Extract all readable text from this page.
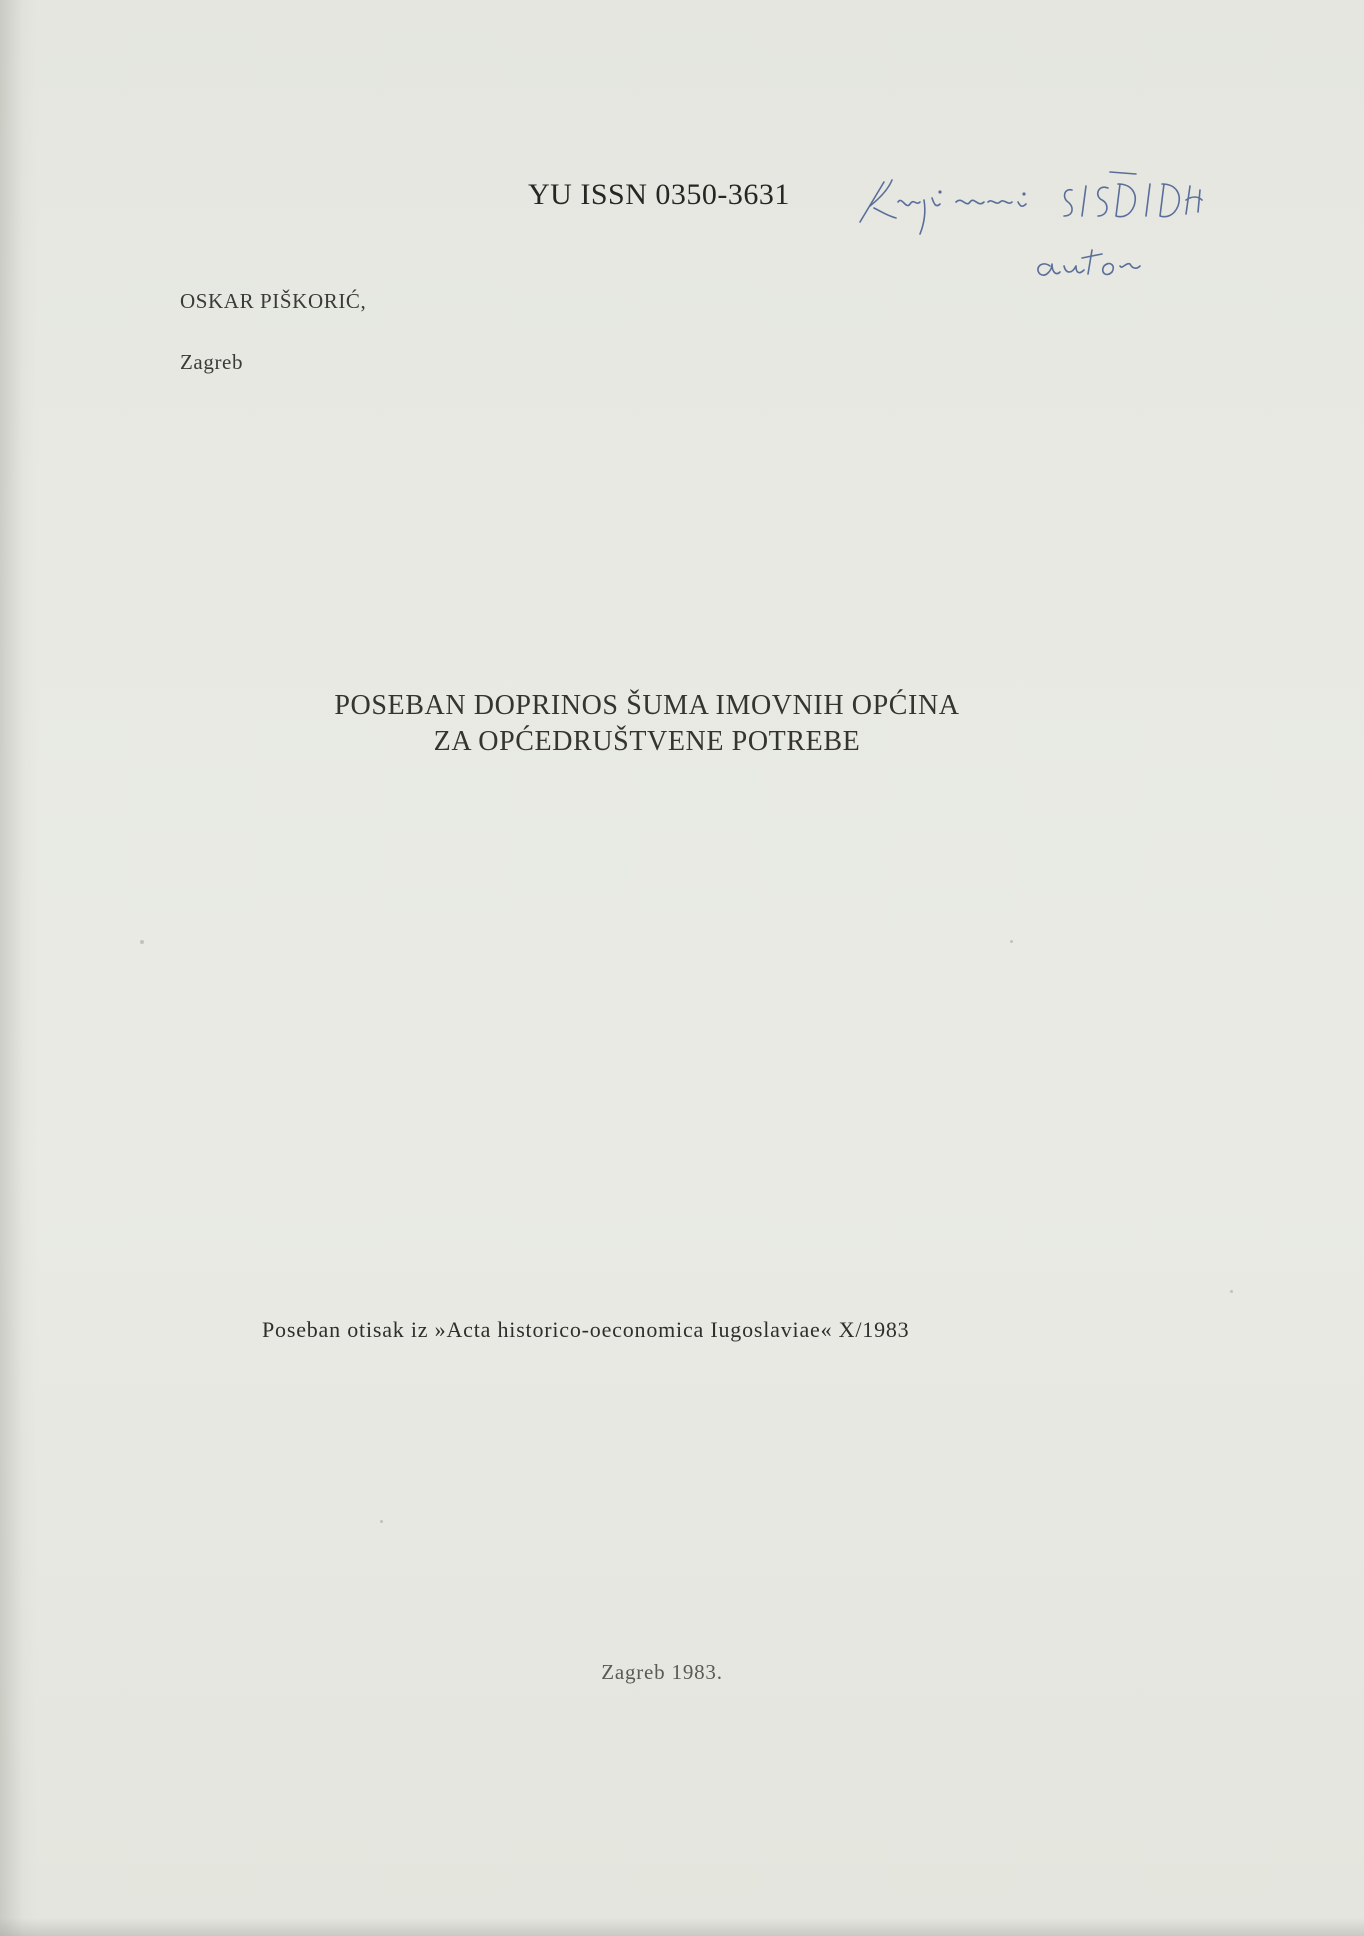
YU ISSN 0350-3631
OSKAR PIŠKORIĆ,
Zagreb
POSEBAN DOPRINOS ŠUMA IMOVNIH OPĆINA
ZA OPĆEDRUŠTVENE POTREBE
Poseban otisak iz »Acta historico-oeconomica Iugoslaviae« X/1983
Zagreb 1983.
